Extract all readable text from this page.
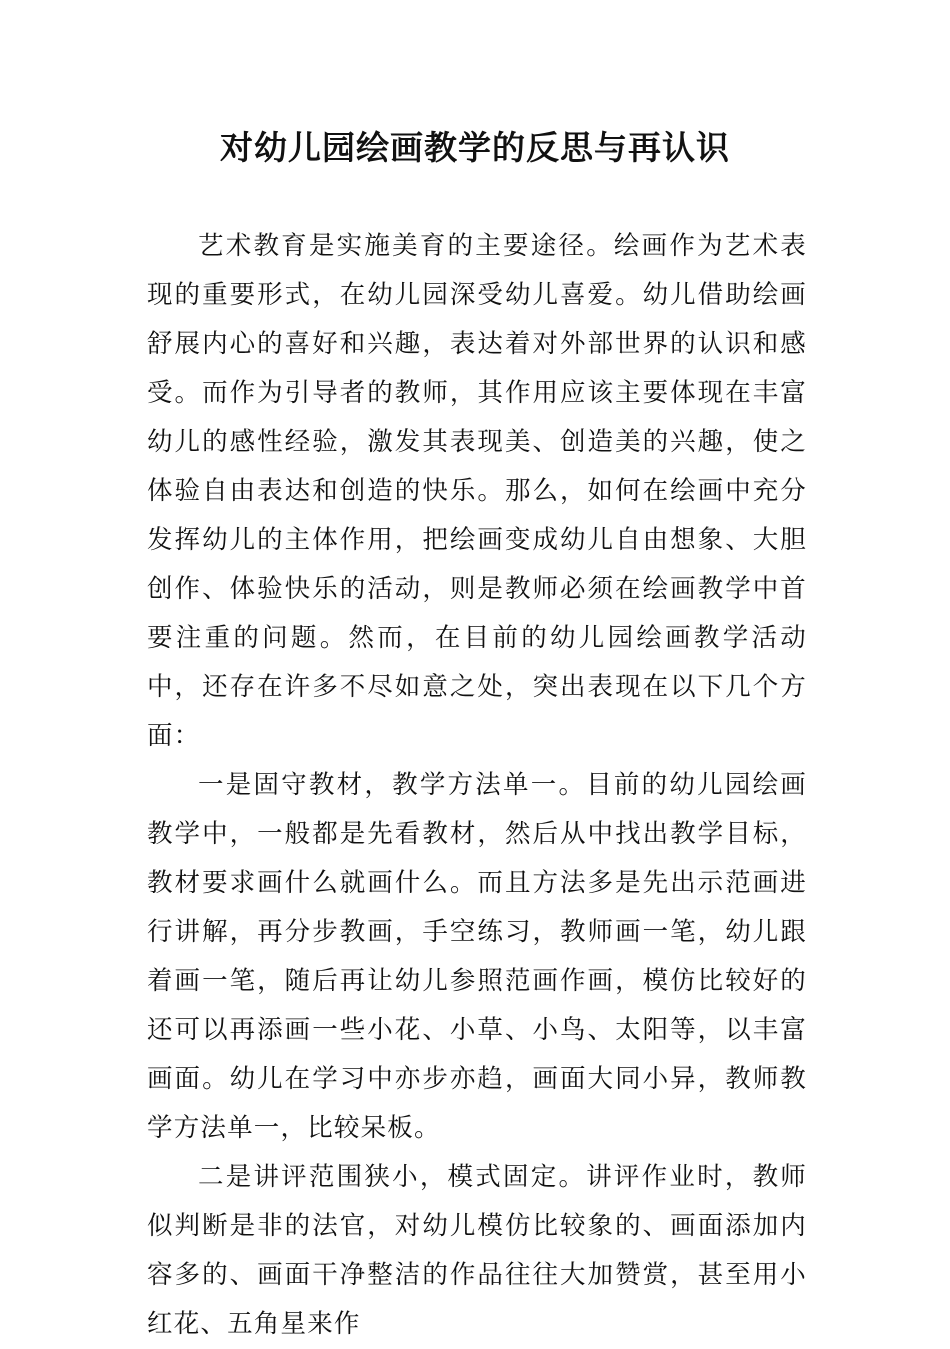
对幼儿园绘画教学的反思与再认识

艺术教育是实施美育的主要途径。绘画作为艺术表现的重要形式，在幼儿园深受幼儿喜爱。幼儿借助绘画舒展内心的喜好和兴趣，表达着对外部世界的认识和感受。而作为引导者的教师，其作用应该主要体现在丰富幼儿的感性经验，激发其表现美、创造美的兴趣，使之体验自由表达和创造的快乐。那么，如何在绘画中充分发挥幼儿的主体作用，把绘画变成幼儿自由想象、大胆创作、体验快乐的活动，则是教师必须在绘画教学中首要注重的问题。然而，在目前的幼儿园绘画教学活动中，还存在许多不尽如意之处，突出表现在以下几个方面：

一是固守教材，教学方法单一。目前的幼儿园绘画教学中，一般都是先看教材，然后从中找出教学目标，教材要求画什么就画什么。而且方法多是先出示范画进行讲解，再分步教画，手空练习，教师画一笔，幼儿跟着画一笔，随后再让幼儿参照范画作画，模仿比较好的还可以再添画一些小花、小草、小鸟、太阳等，以丰富画面。幼儿在学习中亦步亦趋，画面大同小异，教师教学方法单一，比较呆板。

二是讲评范围狭小，模式固定。讲评作业时，教师似判断是非的法官，对幼儿模仿比较象的、画面添加内容多的、画面干净整洁的作品往往大加赞赏，甚至用小红花、五角星来作
